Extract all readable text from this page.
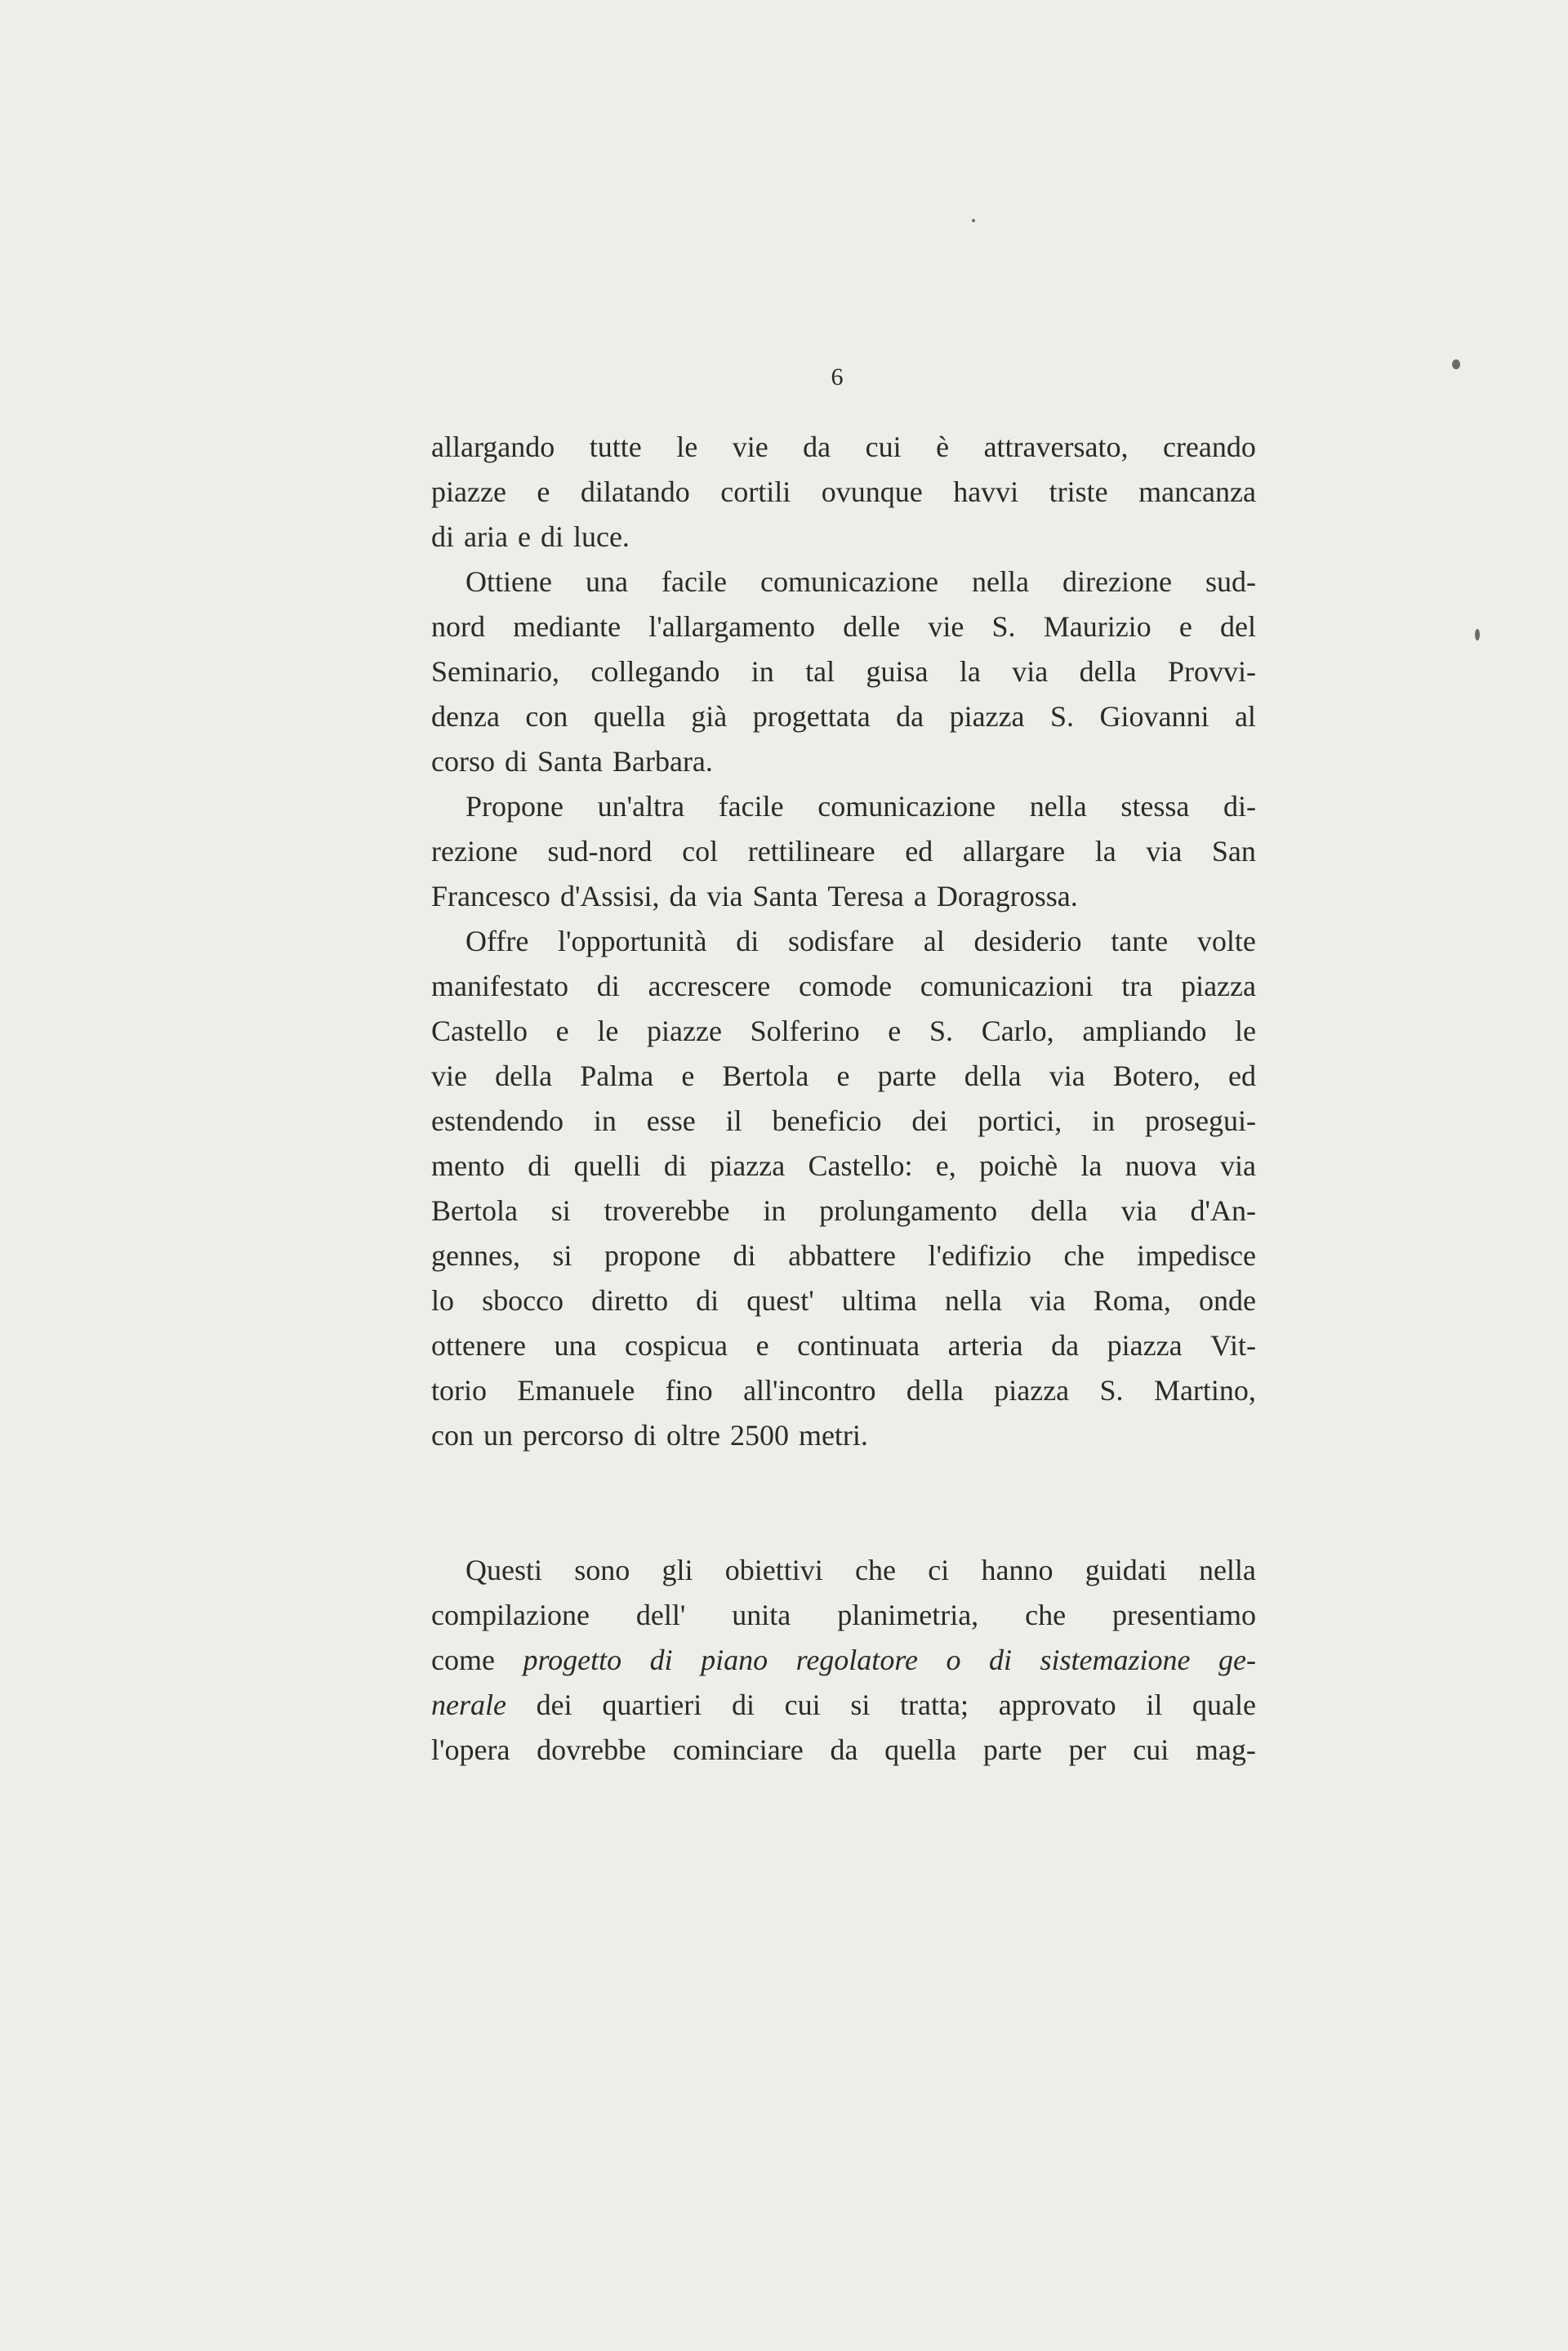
6
allargando tutte le vie da cui è attraversato, creando
piazze e dilatando cortili ovunque havvi triste mancanza
di aria e di luce.
Ottiene una facile comunicazione nella direzione sud-
nord mediante l'allargamento delle vie S. Maurizio e del
Seminario, collegando in tal guisa la via della Provvi-
denza con quella già progettata da piazza S. Giovanni al
corso di Santa Barbara.
Propone un'altra facile comunicazione nella stessa di-
rezione sud-nord col rettilineare ed allargare la via San
Francesco d'Assisi, da via Santa Teresa a Doragrossa.
Offre l'opportunità di sodisfare al desiderio tante volte
manifestato di accrescere comode comunicazioni tra piazza
Castello e le piazze Solferino e S. Carlo, ampliando le
vie della Palma e Bertola e parte della via Botero, ed
estendendo in esse il beneficio dei portici, in prosegui-
mento di quelli di piazza Castello: e, poichè la nuova via
Bertola si troverebbe in prolungamento della via d'An-
gennes, si propone di abbattere l'edifizio che impedisce
lo sbocco diretto di quest' ultima nella via Roma, onde
ottenere una cospicua e continuata arteria da piazza Vit-
torio Emanuele fino all'incontro della piazza S. Martino,
con un percorso di oltre 2500 metri.
Questi sono gli obiettivi che ci hanno guidati nella
compilazione dell' unita planimetria, che presentiamo
come progetto di piano regolatore o di sistemazione ge-
nerale dei quartieri di cui si tratta; approvato il quale
l'opera dovrebbe cominciare da quella parte per cui mag-
